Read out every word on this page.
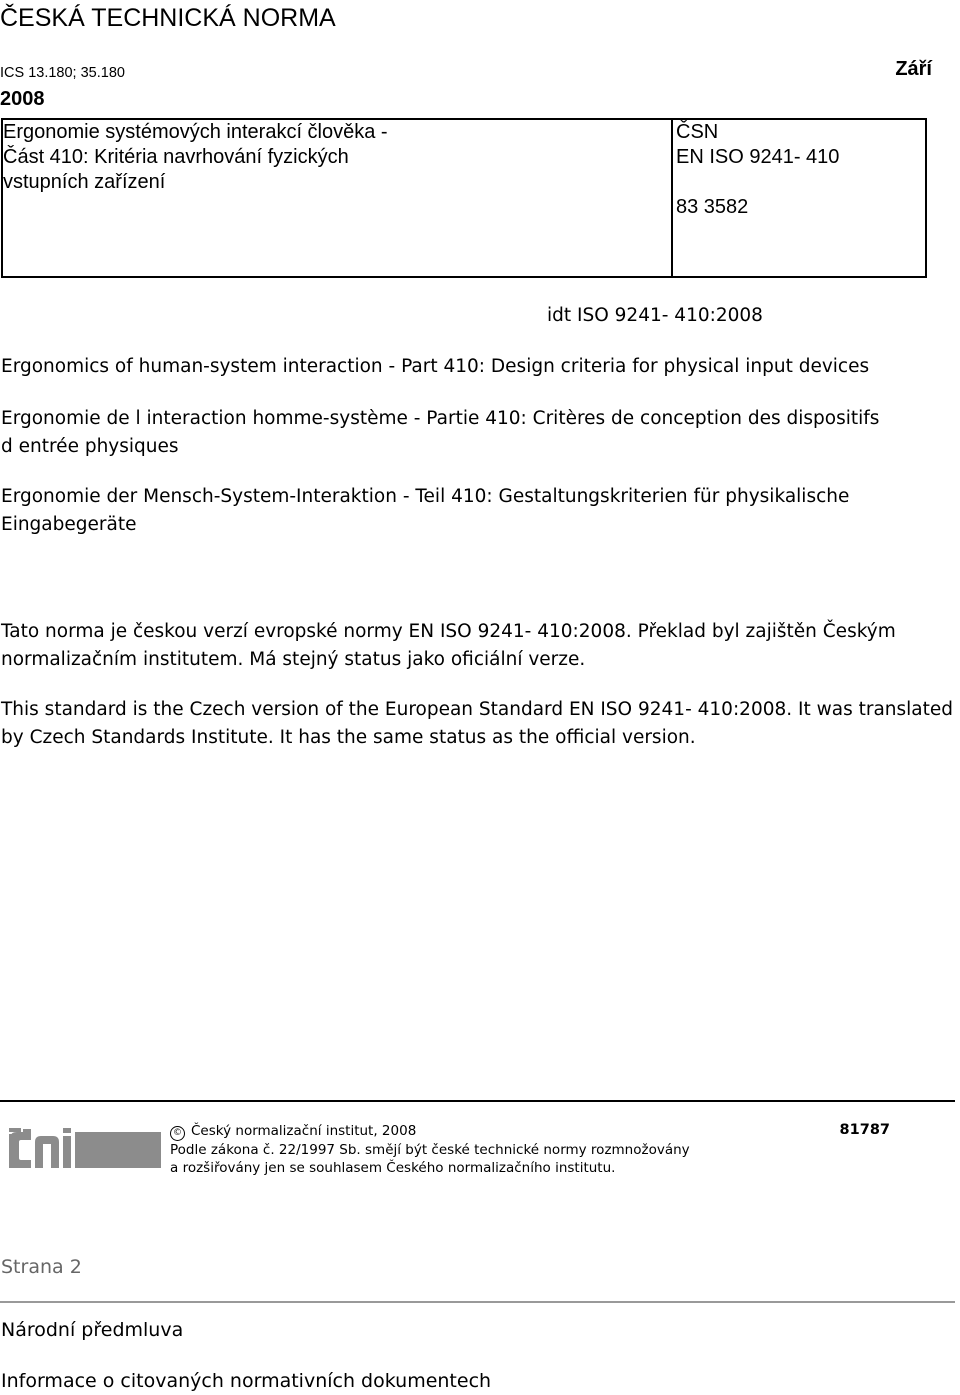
ČESKÁ TECHNICKÁ NORMA
ICS 13.180; 35.180	Září
2008
Ergonomie systémových interakcí člověka -
Část 410: Kritéria navrhování fyzických
vstupních zařízení
ČSN
EN ISO 9241- 410
83 3582
idt ISO 9241- 410:2008
Ergonomics of human-system interaction - Part 410: Design criteria for physical input devices
Ergonomie de l interaction homme-système - Partie 410: Critères de conception des dispositifs
d entrée physiques
Ergonomie der Mensch-System-Interaktion - Teil 410: Gestaltungskriterien für physikalische
Eingabegeräte
Tato norma je českou verzí evropské normy EN ISO 9241- 410:2008. Překlad byl zajištěn Českým
normalizačním institutem. Má stejný status jako oficiální verze.
This standard is the Czech version of the European Standard EN ISO 9241- 410:2008. It was translated
by Czech Standards Institute. It has the same status as the official version.
© Český normalizační institut, 2008
Podle zákona č. 22/1997 Sb. smějí být české technické normy rozmnožovány
a rozšiřovány jen se souhlasem Českého normalizačního institutu.
81787
Strana 2
Národní předmluva
Informace o citovaných normativních dokumentech
